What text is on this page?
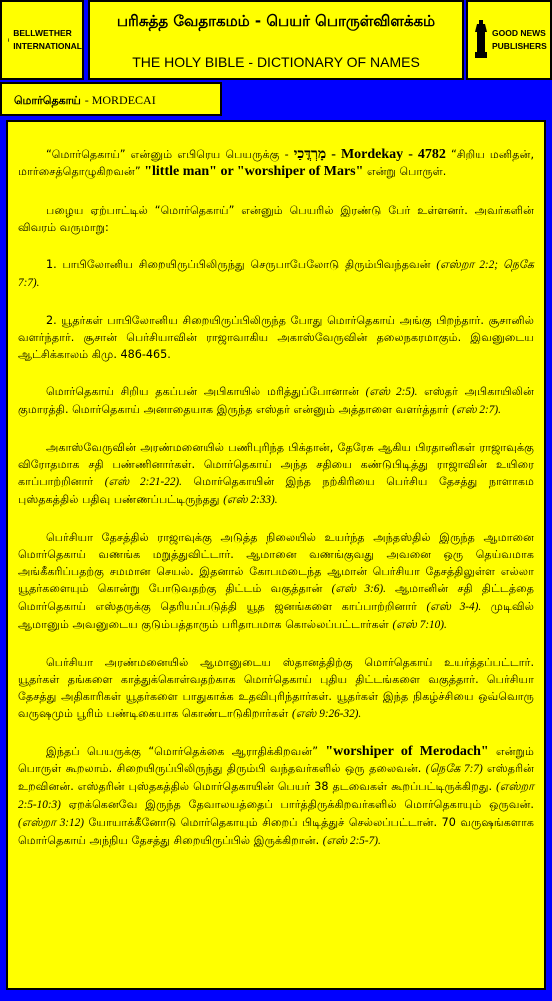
BELLWETHER
INTERNATIONAL
பரிசுத்த வேதாகமம் - பெயர் பொருள்விளக்கம்
THE HOLY BIBLE - DICTIONARY OF NAMES
GOOD NEWS
PUBLISHERS
மொர்தெகாய் - MORDECAI

“மொர்தெகாய்” என்னும் எபிரெய பெயருக்கு - מָרְדֳּכַי - Mordekay - 4782 “சிறிய மனிதன், மார்சைத்தொழுகிறவன்” "little man" or "worshiper of Mars" என்று பொருள்.

பழைய ஏற்பாட்டில் “மொர்தெகாய்” என்னும் பெயரில் இரண்டு பேர் உள்ளனர். அவர்களின் விவரம் வருமாறு:

1. பாபிலோனிய சிறையிருப்பிலிருந்து செருபாபேலோடு திரும்பிவந்தவன் (எஸ்றா 2:2; நெகே 7:7).

2. யூதர்கள் பாபிலோனிய சிறையிருப்பிலிருந்த போது மொர்தெகாய் அங்கு பிறந்தார். சூசானில் வளர்ந்தார். சூசான் பெர்சியாவின் ராஜாவாகிய அகாஸ்வேருவின் தலைநகரமாகும். இவனுடைய ஆட்சிக்காலம் கிமு. 486-465.

மொர்தெகாய் சிறிய தகப்பன் அபிகாயில் மரித்துப்போனான் (எஸ் 2:5). எஸ்தர் அபிகாயிலின் குமாரத்தி. மொர்தெகாய் அனாதையாக இருந்த எஸ்தர் என்னும் அத்தாளை வளர்த்தார் (எஸ் 2:7).

அகாஸ்வேருவின் அரண்மனையில் பணிபுரிந்த பிக்தான், தேரேசு ஆகிய பிரதானிகள் ராஜாவுக்கு விரோதமாக சதி பண்ணினார்கள். மொர்தெகாய் அந்த சதியை கண்டுபிடித்து ராஜாவின் உயிரை காப்பாற்றினார் (எஸ் 2:21-22). மொர்தெகாயின் இந்த நற்கிரியை பெர்சிய தேசத்து நாளாகம புஸ்தகத்தில் பதிவு பண்ணப்பட்டிருந்தது (எஸ் 2:33).

பெர்சியா தேசத்தில் ராஜாவுக்கு அடுத்த நிலையில் உயர்ந்த அந்தஸ்தில் இருந்த ஆமானை மொர்தெகாய் வணங்க மறுத்துவிட்டார். ஆமானை வணங்குவது அவனை ஒரு தெய்வமாக அங்கீகரிப்பதற்கு சமமான செயல். இதனால் கோபமடைந்த ஆமான் பெர்சியா தேசத்திலுள்ள எல்லா யூதர்களையும் கொன்று போடுவதற்கு திட்டம் வகுத்தான் (எஸ் 3:6). ஆமானின் சதி திட்டத்தை மொர்தெகாய் எஸ்தருக்கு தெரியப்படுத்தி யூத ஜனங்களை காப்பாற்றினார் (எஸ் 3-4). முடிவில் ஆமானும் அவனுடைய குடும்பத்தாரும் பரிதாபமாக கொல்லப்பட்டார்கள் (எஸ் 7:10).

பெர்சியா அரண்மனையில் ஆமானுடைய ஸ்தானத்திற்கு மொர்தெகாய் உயர்த்தப்பட்டார். யூதர்கள் தங்களை காத்துக்கொள்வதற்காக மொர்தெகாய் புதிய திட்டங்களை வகுத்தார். பெர்சியா தேசத்து அதிகாரிகள் யூதர்களை பாதுகாக்க உதவிபுரிந்தார்கள். யூதர்கள் இந்த நிகழ்ச்சியை ஒவ்வொரு வருஷமும் பூரிம் பண்டிகையாக கொண்டாடுகிறார்கள் (எஸ் 9:26-32).

இந்தப் பெயருக்கு “மொர்தெக்கை ஆராதிக்கிறவன்” "worshiper of Merodach" என்றும் பொருள் கூறலாம். சிறையிருப்பிலிருந்து திரும்பி வந்தவர்களில் ஒரு தலைவன். (நெகே 7:7) எஸ்தரின் உறவினன். எஸ்தரின் புஸ்தகத்தில் மொர்தெகாயின் பெயர் 38 தடவைகள் கூறப்பட்டிருக்கிறது. (எஸ்றா 2:5-10:3) ஏறக்கெனவே இருந்த தேவாலயத்தைப் பார்த்திருக்கிறவர்களில் மொர்தெகாயும் ஒருவன். (எஸ்றா 3:12) யோயாக்கீனோடு மொர்தெகாயும் சிறைப் பிடித்துச் செல்லப்பட்டான். 70 வருஷங்களாக மொர்தெகாய் அந்நிய தேசத்து சிறையிருப்பில் இருக்கிறான். (எஸ் 2:5-7).
